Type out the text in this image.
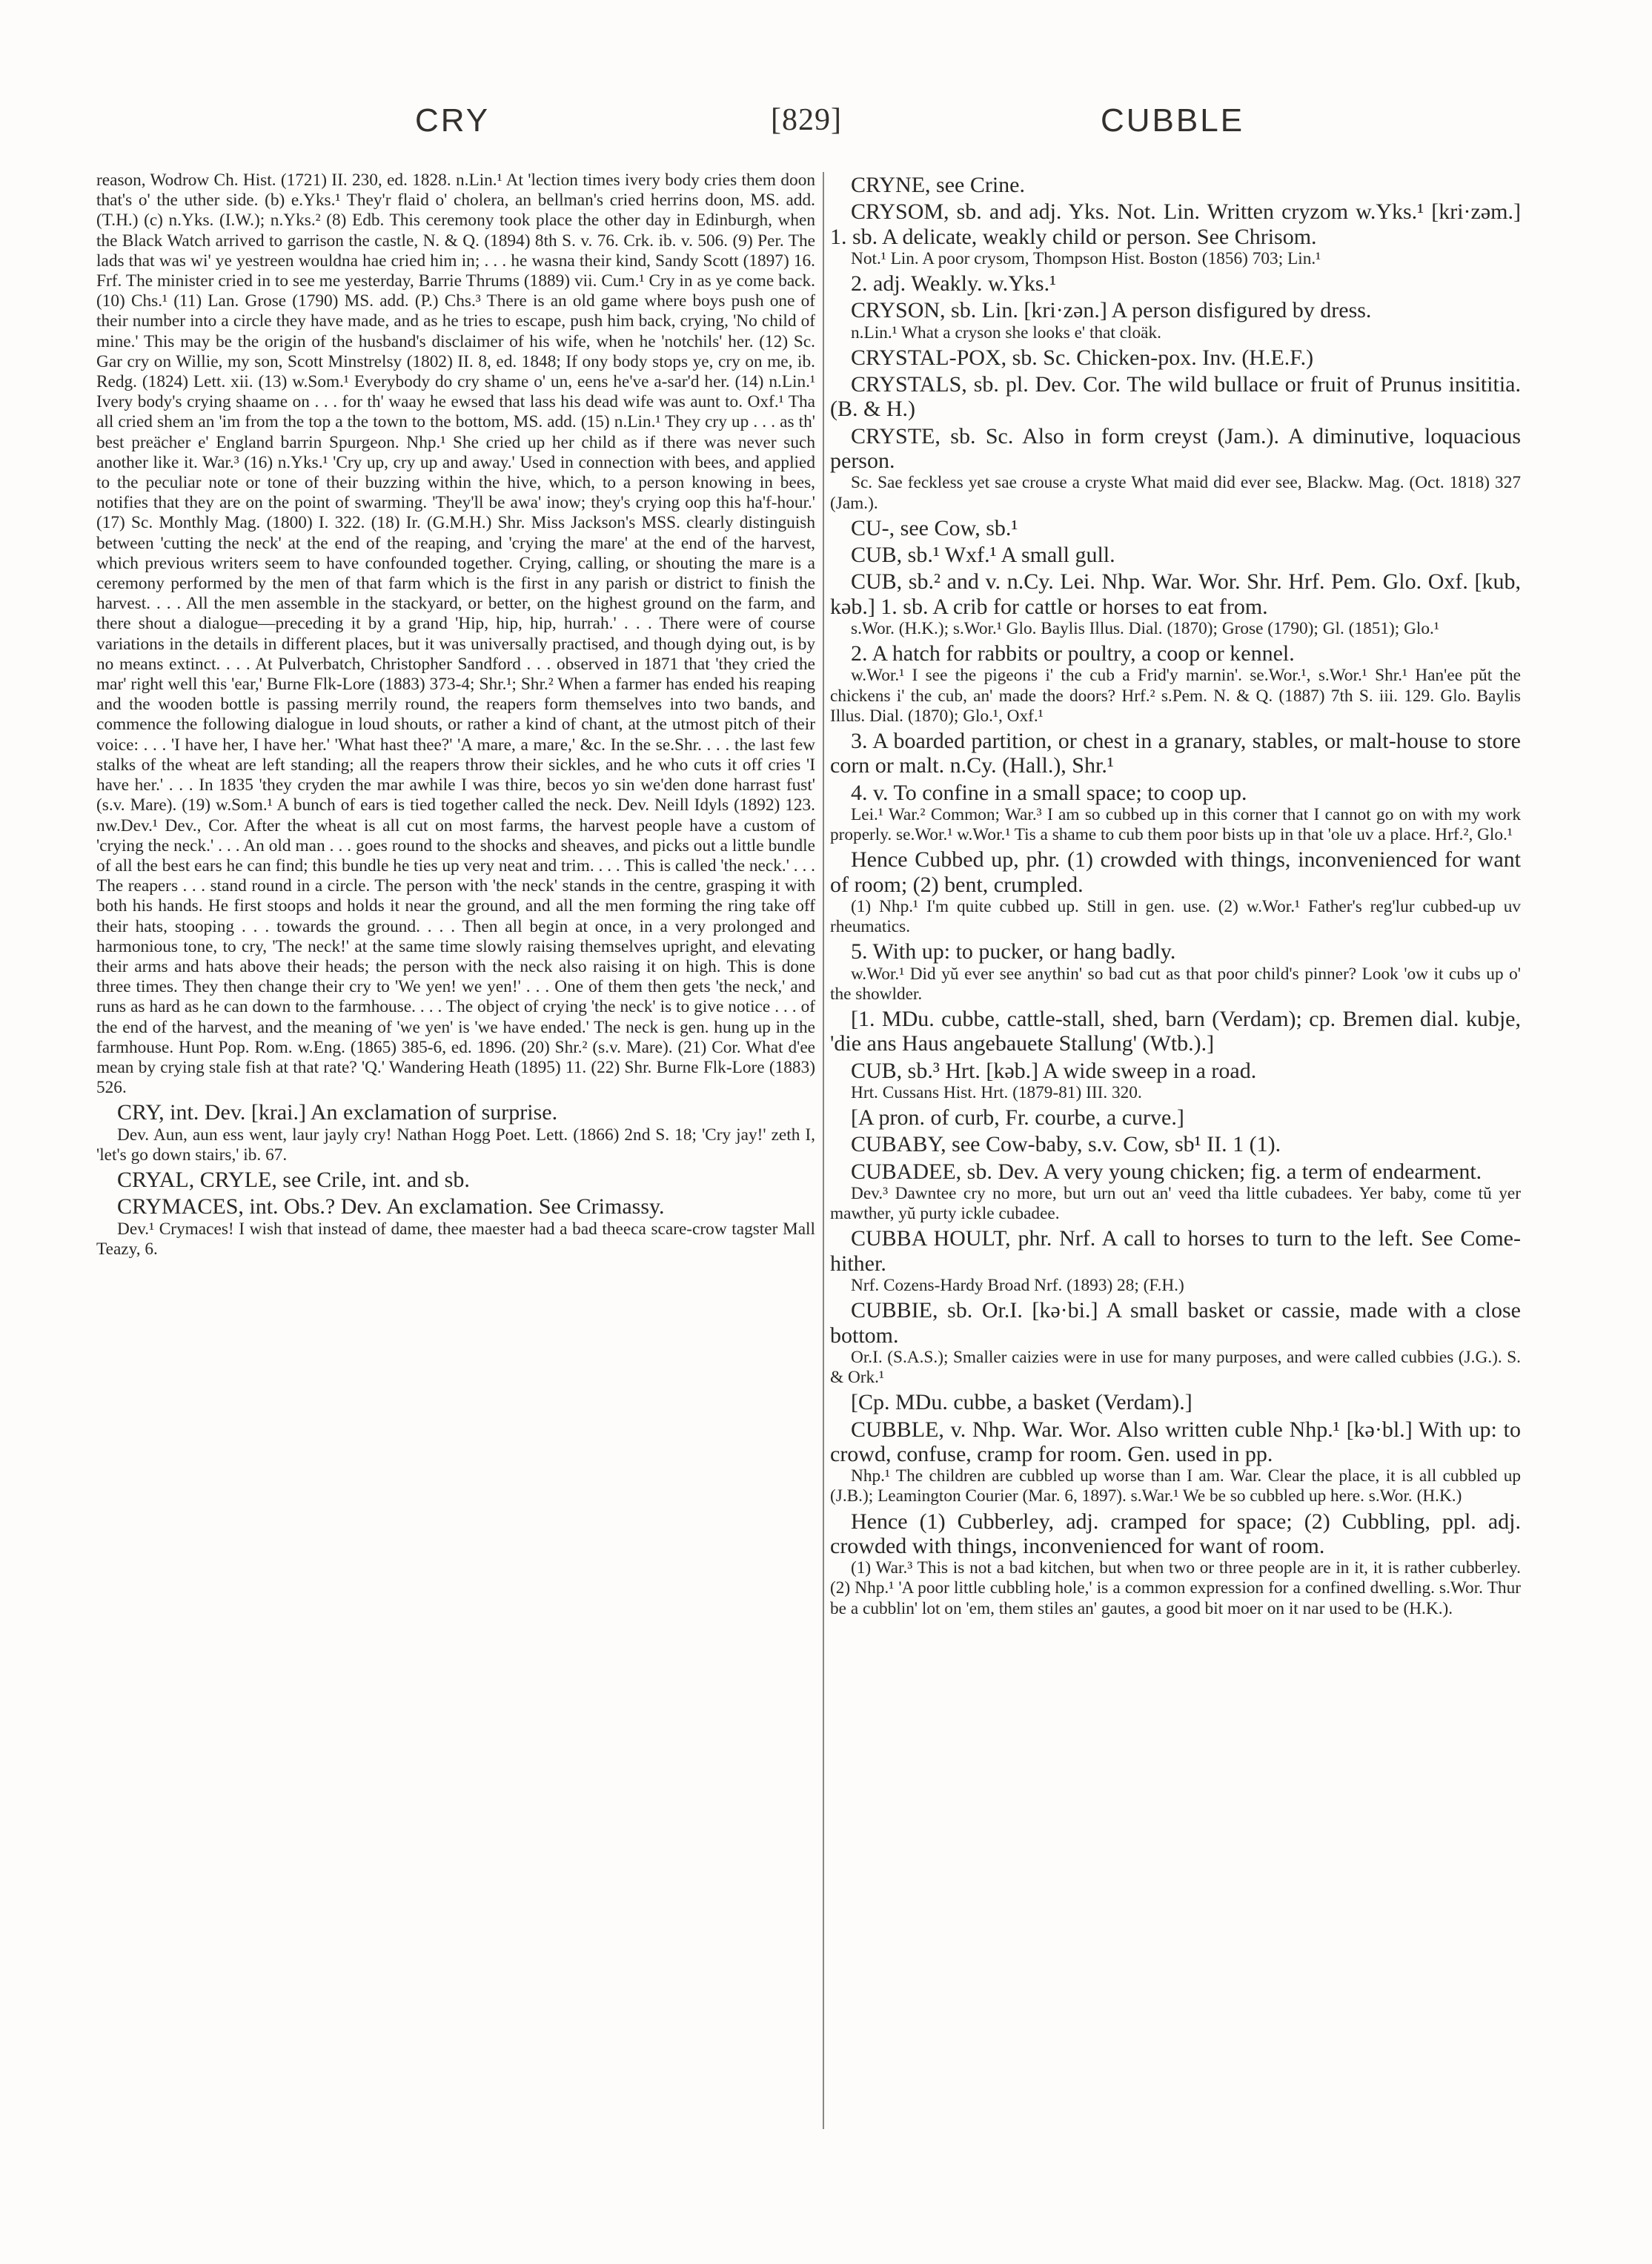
CRY	[829]	CUBBLE

reason, Wodrow Ch. Hist. (1721) II. 230, ed. 1828. n.Lin.¹ At 'lection times ivery body cries them doon that's o' the uther side. (b) e.Yks.¹ They'r flaid o' cholera, an bellman's cried herrins doon, MS. add. (T.H.) (c) n.Yks. (I.W.); n.Yks.² (8) Edb. This ceremony took place the other day in Edinburgh, when the Black Watch arrived to garrison the castle, N. & Q. (1894) 8th S. v. 76. Crk. ib. v. 506. (9) Per. The lads that was wi' ye yestreen wouldna hae cried him in; . . . he wasna their kind, Sandy Scott (1897) 16. Frf. The minister cried in to see me yesterday, Barrie Thrums (1889) vii. Cum.¹ Cry in as ye come back. (10) Chs.¹ (11) Lan. Grose (1790) MS. add. (P.) Chs.³ There is an old game where boys push one of their number into a circle they have made, and as he tries to escape, push him back, crying, 'No child of mine.' This may be the origin of the husband's disclaimer of his wife, when he 'notchils' her. (12) Sc. Gar cry on Willie, my son, Scott Minstrelsy (1802) II. 8, ed. 1848; If ony body stops ye, cry on me, ib. Redg. (1824) Lett. xii. (13) w.Som.¹ Everybody do cry shame o' un, eens he've a-sar'd her. (14) n.Lin.¹ Ivery body's crying shaame on . . . for th' waay he ewsed that lass his dead wife was aunt to. Oxf.¹ Tha all cried shem an 'im from the top a the town to the bottom, MS. add. (15) n.Lin.¹ They cry up . . . as th' best preächer e' England barrin Spurgeon. Nhp.¹ She cried up her child as if there was never such another like it. War.³ (16) n.Yks.¹ 'Cry up, cry up and away.' Used in connection with bees, and applied to the peculiar note or tone of their buzzing within the hive, which, to a person knowing in bees, notifies that they are on the point of swarming. 'They'll be awa' inow; they's crying oop this ha'f-hour.' (17) Sc. Monthly Mag. (1800) I. 322. (18) Ir. (G.M.H.) Shr. Miss Jackson's MSS. clearly distinguish between 'cutting the neck' at the end of the reaping, and 'crying the mare' at the end of the harvest, which previous writers seem to have confounded together. Crying, calling, or shouting the mare is a ceremony performed by the men of that farm which is the first in any parish or district to finish the harvest. . . . All the men assemble in the stackyard, or better, on the highest ground on the farm, and there shout a dialogue—preceding it by a grand 'Hip, hip, hip, hurrah.' . . . There were of course variations in the details in different places, but it was universally practised, and though dying out, is by no means extinct. . . . At Pulverbatch, Christopher Sandford . . . observed in 1871 that 'they cried the mar' right well this 'ear,' Burne Flk-Lore (1883) 373-4; Shr.¹; Shr.² When a farmer has ended his reaping and the wooden bottle is passing merrily round, the reapers form themselves into two bands, and commence the following dialogue in loud shouts, or rather a kind of chant, at the utmost pitch of their voice: . . . 'I have her, I have her.' 'What hast thee?' 'A mare, a mare,' &c. In the se.Shr. . . . the last few stalks of the wheat are left standing; all the reapers throw their sickles, and he who cuts it off cries 'I have her.' . . . In 1835 'they cryden the mar awhile I was thire, becos yo sin we'den done harrast fust' (s.v. Mare). (19) w.Som.¹ A bunch of ears is tied together called the neck. Dev. Neill Idyls (1892) 123. nw.Dev.¹ Dev., Cor. After the wheat is all cut on most farms, the harvest people have a custom of 'crying the neck.' . . . An old man . . . goes round to the shocks and sheaves, and picks out a little bundle of all the best ears he can find; this bundle he ties up very neat and trim. . . . This is called 'the neck.' . . . The reapers . . . stand round in a circle. The person with 'the neck' stands in the centre, grasping it with both his hands. He first stoops and holds it near the ground, and all the men forming the ring take off their hats, stooping . . . towards the ground. . . . Then all begin at once, in a very prolonged and harmonious tone, to cry, 'The neck!' at the same time slowly raising themselves upright, and elevating their arms and hats above their heads; the person with the neck also raising it on high. This is done three times. They then change their cry to 'We yen! we yen!' . . . One of them then gets 'the neck,' and runs as hard as he can down to the farmhouse. . . . The object of crying 'the neck' is to give notice . . . of the end of the harvest, and the meaning of 'we yen' is 'we have ended.' The neck is gen. hung up in the farmhouse. Hunt Pop. Rom. w.Eng. (1865) 385-6, ed. 1896. (20) Shr.² (s.v. Mare). (21) Cor. What d'ee mean by crying stale fish at that rate? 'Q.' Wandering Heath (1895) 11. (22) Shr. Burne Flk-Lore (1883) 526.

CRY, int. Dev. [krai.] An exclamation of surprise.

Dev. Aun, aun ess went, laur jayly cry! Nathan Hogg Poet. Lett. (1866) 2nd S. 18; 'Cry jay!' zeth I, 'let's go down stairs,' ib. 67.

CRYAL, CRYLE, see Crile, int. and sb.

CRYMACES, int. Obs.? Dev. An exclamation. See Crimassy.

Dev.¹ Crymaces! I wish that instead of dame, thee maester had a bad theeca scare-crow tagster Mall Teazy, 6.

CRYNE, see Crine.

CRYSOM, sb. and adj. Yks. Not. Lin. Written cryzom w.Yks.¹ [kri·zəm.] 1. sb. A delicate, weakly child or person. See Chrisom.

Not.¹ Lin. A poor crysom, Thompson Hist. Boston (1856) 703; Lin.¹

2. adj. Weakly. w.Yks.¹

CRYSON, sb. Lin. [kri·zən.] A person disfigured by dress.

n.Lin.¹ What a cryson she looks e' that cloäk.

CRYSTAL-POX, sb. Sc. Chicken-pox. Inv. (H.E.F.)

CRYSTALS, sb. pl. Dev. Cor. The wild bullace or fruit of Prunus insititia. (B. & H.)

CRYSTE, sb. Sc. Also in form creyst (Jam.). A diminutive, loquacious person.

Sc. Sae feckless yet sae crouse a cryste What maid did ever see, Blackw. Mag. (Oct. 1818) 327 (Jam.).

CU-, see Cow, sb.¹

CUB, sb.¹ Wxf.¹ A small gull.

CUB, sb.² and v. n.Cy. Lei. Nhp. War. Wor. Shr. Hrf. Pem. Glo. Oxf. [kub, kəb.] 1. sb. A crib for cattle or horses to eat from.

s.Wor. (H.K.); s.Wor.¹ Glo. Baylis Illus. Dial. (1870); Grose (1790); Gl. (1851); Glo.¹

2. A hatch for rabbits or poultry, a coop or kennel.

w.Wor.¹ I see the pigeons i' the cub a Frid'y marnin'. se.Wor.¹, s.Wor.¹ Shr.¹ Han'ee pŭt the chickens i' the cub, an' made the doors? Hrf.² s.Pem. N. & Q. (1887) 7th S. iii. 129. Glo. Baylis Illus. Dial. (1870); Glo.¹, Oxf.¹

3. A boarded partition, or chest in a granary, stables, or malt-house to store corn or malt. n.Cy. (Hall.), Shr.¹

4. v. To confine in a small space; to coop up.

Lei.¹ War.² Common; War.³ I am so cubbed up in this corner that I cannot go on with my work properly. se.Wor.¹ w.Wor.¹ Tis a shame to cub them poor bists up in that 'ole uv a place. Hrf.², Glo.¹

Hence Cubbed up, phr. (1) crowded with things, inconvenienced for want of room; (2) bent, crumpled.

(1) Nhp.¹ I'm quite cubbed up. Still in gen. use. (2) w.Wor.¹ Father's reg'lur cubbed-up uv rheumatics.

5. With up: to pucker, or hang badly.

w.Wor.¹ Did yŭ ever see anythin' so bad cut as that poor child's pinner? Look 'ow it cubs up o' the showlder.

[1. MDu. cubbe, cattle-stall, shed, barn (Verdam); cp. Bremen dial. kubje, 'die ans Haus angebauete Stallung' (Wtb.).]

CUB, sb.³ Hrt. [kəb.] A wide sweep in a road.

Hrt. Cussans Hist. Hrt. (1879-81) III. 320.

[A pron. of curb, Fr. courbe, a curve.]

CUBABY, see Cow-baby, s.v. Cow, sb¹ II. 1 (1).

CUBADEE, sb. Dev. A very young chicken; fig. a term of endearment.

Dev.³ Dawntee cry no more, but urn out an' veed tha little cubadees. Yer baby, come tŭ yer mawther, yŭ purty ickle cubadee.

CUBBA HOULT, phr. Nrf. A call to horses to turn to the left. See Come-hither.

Nrf. Cozens-Hardy Broad Nrf. (1893) 28; (F.H.)

CUBBIE, sb. Or.I. [kə·bi.] A small basket or cassie, made with a close bottom.

Or.I. (S.A.S.); Smaller caizies were in use for many purposes, and were called cubbies (J.G.). S. & Ork.¹

[Cp. MDu. cubbe, a basket (Verdam).]

CUBBLE, v. Nhp. War. Wor. Also written cuble Nhp.¹ [kə·bl.] With up: to crowd, confuse, cramp for room. Gen. used in pp.

Nhp.¹ The children are cubbled up worse than I am. War. Clear the place, it is all cubbled up (J.B.); Leamington Courier (Mar. 6, 1897). s.War.¹ We be so cubbled up here. s.Wor. (H.K.)

Hence (1) Cubberley, adj. cramped for space; (2) Cubbling, ppl. adj. crowded with things, inconvenienced for want of room.

(1) War.³ This is not a bad kitchen, but when two or three people are in it, it is rather cubberley. (2) Nhp.¹ 'A poor little cubbling hole,' is a common expression for a confined dwelling. s.Wor. Thur be a cubblin' lot on 'em, them stiles an' gautes, a good bit moer on it nar used to be (H.K.).
